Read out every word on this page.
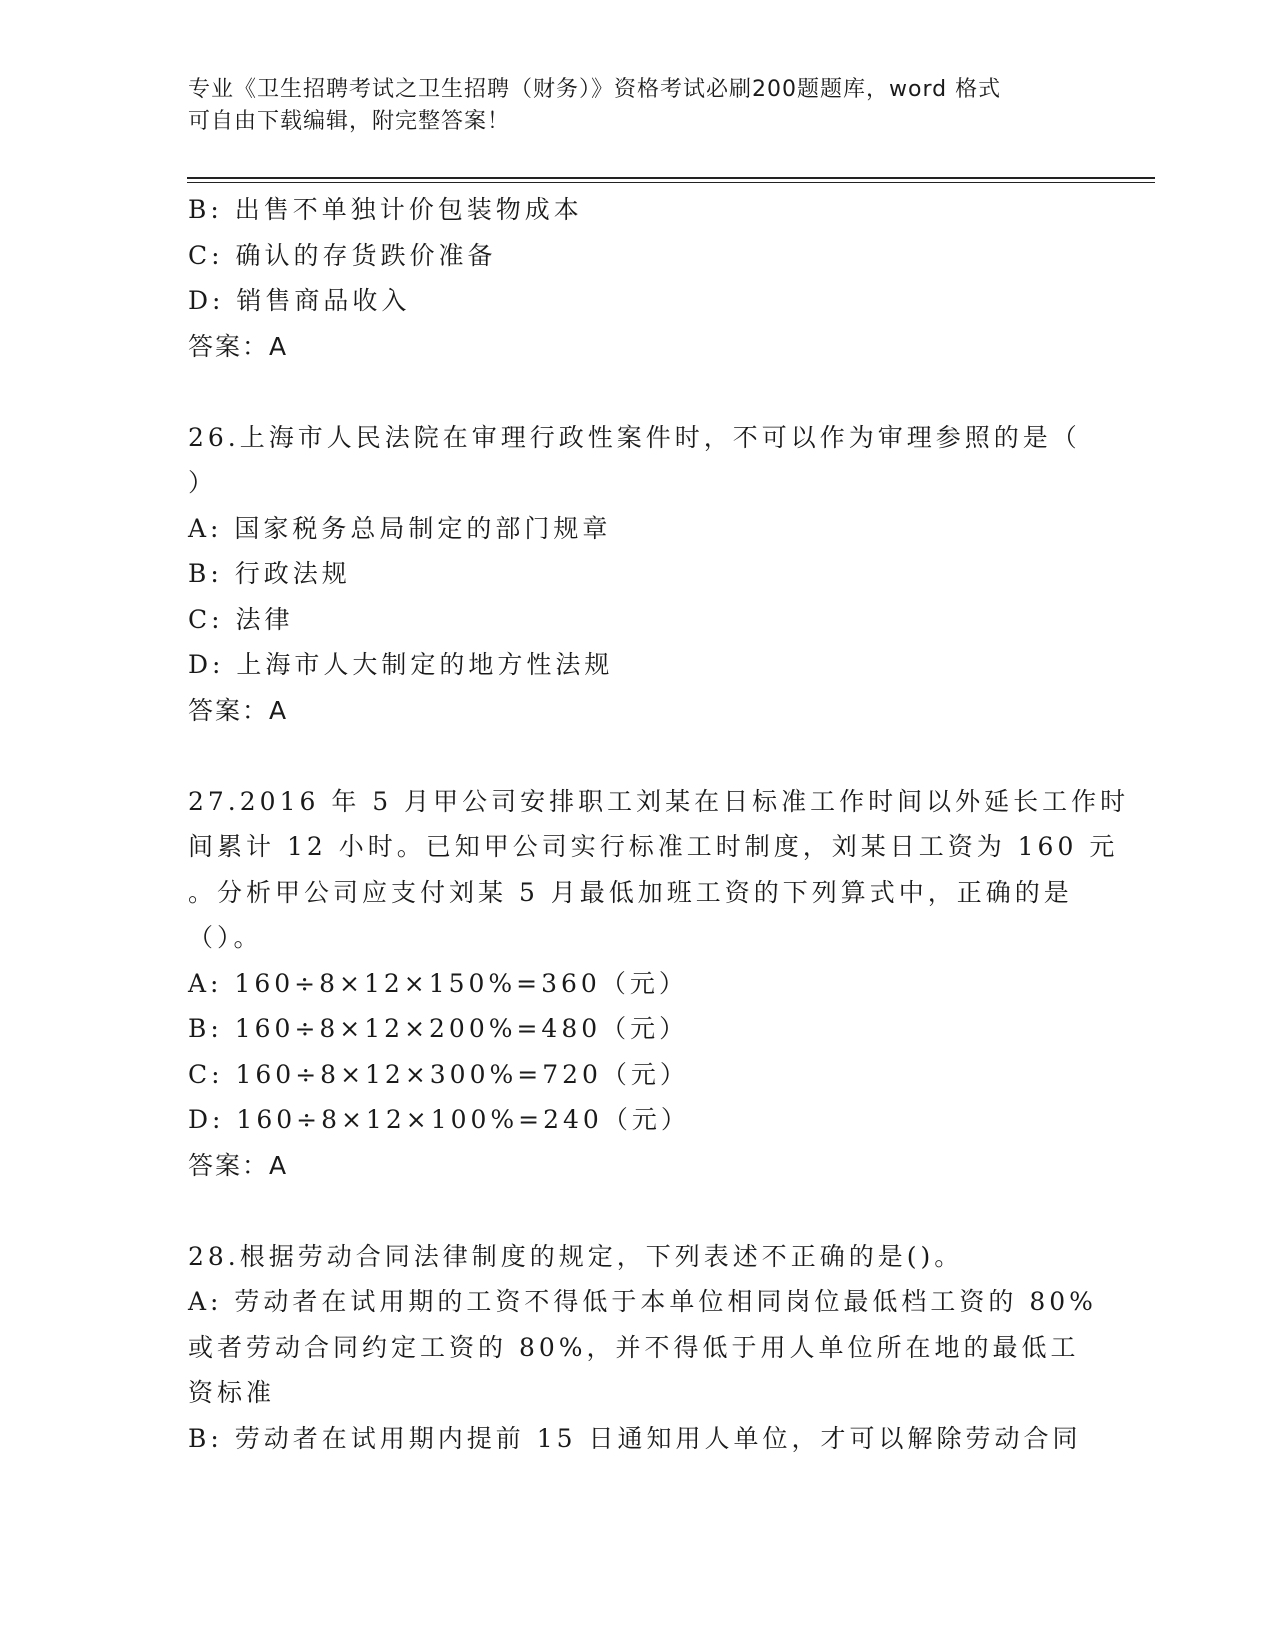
专业《卫生招聘考试之卫生招聘（财务）》资格考试必刷200题题库，word 格式
可自由下载编辑，附完整答案！
B: 出售不单独计价包装物成本
C: 确认的存货跌价准备
D: 销售商品收入
答案：A
26.上海市人民法院在审理行政性案件时，不可以作为审理参照的是（
）
A: 国家税务总局制定的部门规章
B: 行政法规
C: 法律
D: 上海市人大制定的地方性法规
答案：A
27.2016 年 5 月甲公司安排职工刘某在日标准工作时间以外延长工作时
间累计 12 小时。已知甲公司实行标准工时制度，刘某日工资为 160 元
。分析甲公司应支付刘某 5 月最低加班工资的下列算式中，正确的是
（）。
A: 160÷8×12×150%=360（元）
B: 160÷8×12×200%=480（元）
C: 160÷8×12×300%=720（元）
D: 160÷8×12×100%=240（元）
答案：A
28.根据劳动合同法律制度的规定，下列表述不正确的是()。
A: 劳动者在试用期的工资不得低于本单位相同岗位最低档工资的 80%
或者劳动合同约定工资的 80%，并不得低于用人单位所在地的最低工
资标准
B: 劳动者在试用期内提前 15 日通知用人单位，才可以解除劳动合同
